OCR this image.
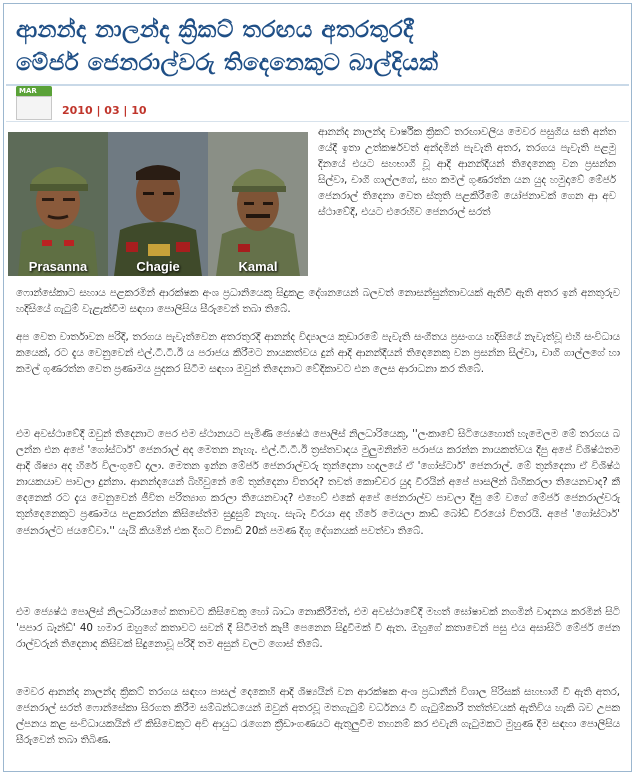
ආනන්ද නාලන්ද ක්‍රිකට් තරඟය අතරතුරදී
මේජර් ජෙනරාල්වරු තිදෙනෙකුට බාල්දියක්
MAR
2010 | 03 | 10
Prasanna	Chagie	Kamal
ආනන්ද නාලන්ද වාර්ෂික ක්‍රිකට් තරඟාවලිය මෙවර පසුගිය සති අන්තයේදී ඉතා උත්කර්ෂවත් අන්දමින් පැවැති අතර, තරගය පැවැති පළමු දිනයේ එයට සහභාගී වූ ආදි ආනන්දීයන් තිදෙනෙකු වන ප්‍රසන්න සිල්වා, චාගි ගාල්ලගේ, සහ කමල් ගුණරත්න යන යුද හමුදාවේ මේජර් ජෙනරාල් තිදෙනා වෙත ස්තුති පළකිරීමේ යෝජනාවක් ගෙන ආ අවස්ථාවේදී, එයට එරෙහිව ජෙනරාල් සරත්
ෆොන්සේකාට සහාය පළකරමින් ආරක්ෂක අංශ ප්‍රධානියෙකු සිදුකළ දේශනයෙන් බලවත් නොසන්සුන්තාවයක් ඇතිවී ඇති අතර ඉන් අනතුරුව හදිසියේ ගැටුම් වැළැක්වීම සඳහා පොලිසිය සීරුවෙන් තබා තිබේ.
අප වෙත වාර්තාවන පරිදි, තරගය පැවැත්වෙන අතරතුරදී ආනන්ද විද්‍යාලය කුඩාරමේ පැවැති සංගීතය ප්‍රසංගය හදිසියේ නැවැත්වූ එහි සංවිධායකයෙක්, රට දැය වෙනුවෙන් එල්.ටී.ටී.ඊ ය පරාජය කිරීමට නායකත්වය දුන් ආදි ආනන්දීයන් තිදෙනෙකු වන ප්‍රසන්න සිල්වා, චාගි ගාල්ලගේ හා කමල් ගුණරත්න වෙත ප්‍රණාමය පුදකර සිටීම සඳහා ඔවුන් තිදෙනාට වේදිකාවට එන ලෙස ආරාධනා කර තිබේ.
එම අවස්ථාවේදී ඔවුන් තිදෙනාට පෙර එම ස්ථානයට පැමිණි ජ්‍යෙෂ්ඨ පොලිස් නිලධාරියෙකු, ''ලංකාවේ සිටියෙහොත් හැමෙලම මේ තරගය බලන්න එන අපේ 'ගෝස්ටාර්' ජෙනරාල් අද මෙතන නැහැ. එල්.ටී.ටී.ඊ ත්‍රස්තවාදය මුලුමනින්ම පරාජය කරන්න නායකත්වය දීපු අපේ විශිෂ්ඨතම ආදි ශිෂ්‍යා අද හිරේ විලංගුවේ දාලා. මෙතන ඉන්න මේජර් ජෙනරාල්වරු තුන්දෙනා හදලයේ ඒ 'ගෝස්ටාර්' ජෙනරාල්. මේ තුන්දෙනා ඒ විශිෂ්ඨ නායකයාව පාවලා දුන්නා. ආනන්දයෙන් බිහිවුනේ මේ තුන්දෙනා විතරද? තවත් කොච්චර යුද වීරයින් අපේ පාසලින් බිහිකරලා තියෙනවාද? කී දෙනෙක් රට දැය වෙනුවෙන් ජීවිත පරිත්‍යාග කරලා තියෙනවාද? එහෙව් එකේ අපේ ජෙනරාල්ව පාවලා දීපු මේ වගේ මේජර් ජෙනරාල්වරු තුන්දෙනෙකුට ප්‍රණාමය පළකරන්න කිසිසේත්ම සුදුසුම් නැහැ. සැබෑ වීරයා අද හිරේ මෙයලා කාඩ් බෝඩ් වීරයෝ විතරයි. අපේ 'ගෝස්ටාර්' ජෙනරාල්ට ජයවේවා.'' යැයි කියමින් එක දිගට විනාඩි 20ක් පමණ දිගු දේශනයක් පවත්වා තිබේ.
එම ජ්‍යෙෂ්ඨ පොලිස් නිලධාරියාගේ කතාවට කිසිවෙකු හෝ බාධා නොකිරීමත්, එම අවස්ථාවේදී මහත් ඝෝෂාවක් නගමින් වාදනය කරමින් සිටි 'පපාර බෑන්ඩ්' 40 හමාර ඔහුගේ කතාවට සවන් දී සිටීමත් කැපී පෙනෙන සිදුවීමක් වී ඇත. ඔහුගේ කතාවෙන් පසු එය අසාසිටි මේජර් ජෙනරාල්වරුන් තිදෙනාද කිසිවක් සිදුනොවූ පරිදි තම අසුන් වලට ගොස් තිබේ.
මෙවර ආනන්ද නාලන්ද ක්‍රිකට් තරගය සඳහා පාසල් දෙකෙහි ආදි ශිෂ්‍යයින් වන ආරක්ෂක අංශ ප්‍රධානීන් විශාල පිරිසක් සහභාගී වී ඇති අතර, ජෙනරාල් සරත් ෆොන්සේකා සිරගත කිරීම සම්බන්ධයෙන් ඔවුන් අතරවූ මතගැටුම් වර්ධනය වී ගැටුම්කාරී තත්ත්වයක් ඇතිවිය හැකි බව උපකල්පනය කළ සංවිධායකයින් ඒ කිසිවෙකුට අවි ආයුධ රැගෙන ක්‍රීඩාංගණයට ඇතුලුවීම තහනම් කර එවැනි ගැටුමකට මුහුණ දීම සඳහා පොලිසිය සීරුවෙන් තබා තිබිණ.
